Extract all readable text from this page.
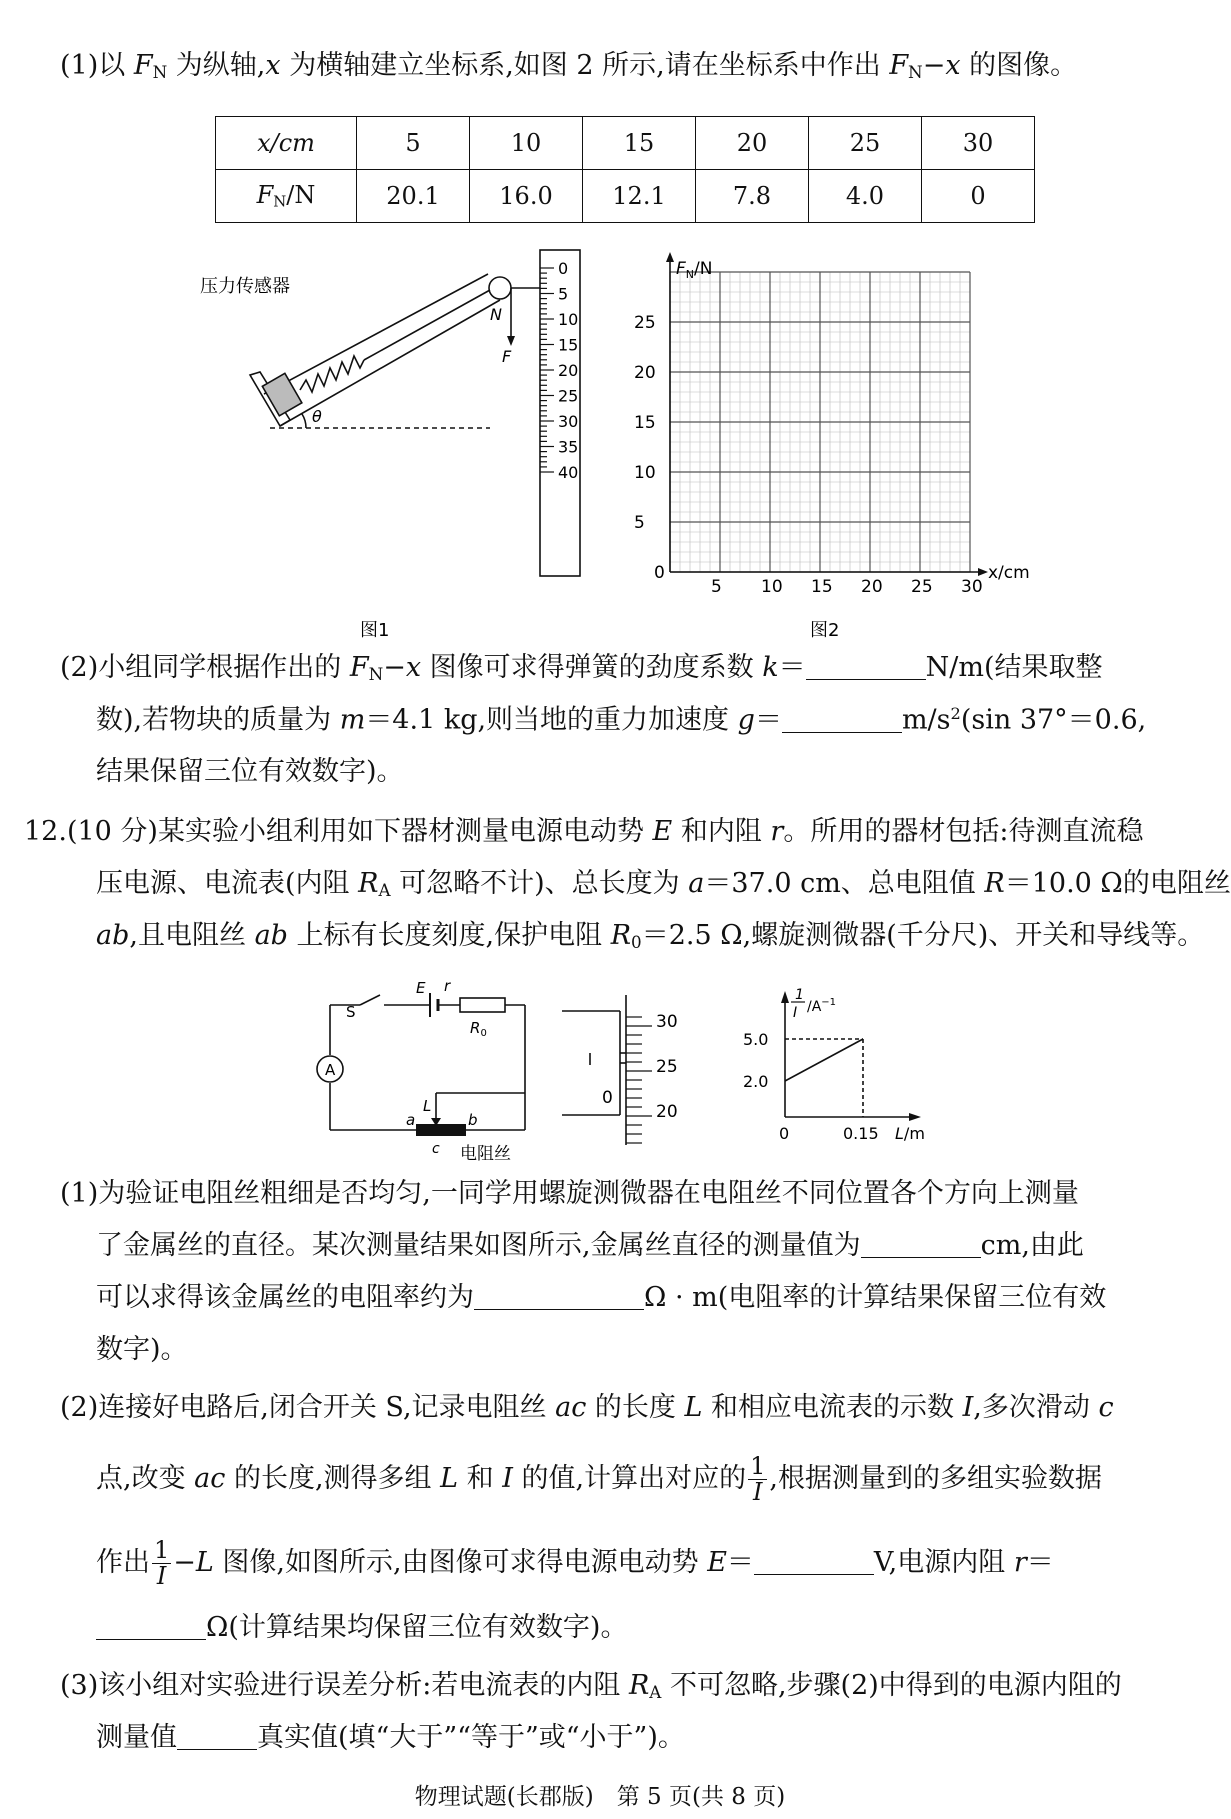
(1)以 $F_N$ 为纵轴,x 为横轴建立坐标系,如图 2 所示,请在坐标系中作出 $F_N-x$ 的图像。
x/cm	5	10	15	20	25	30
$F_N/N$	20.1	16.0	12.1	7.8	4.0	0
压力传感器
θ
N
F
0
5
10
15
20
25
30
35
40
图1
$F_N/N$
x/cm
0
5
10
15
20
25
5 10 15 20 25 30
图2
(2)小组同学根据作出的 $F_N-x$ 图像可求得弹簧的劲度系数 k＝	N/m(结果取整
数),若物块的质量为 m＝4.1 kg,则当地的重力加速度 g＝	$m/s^2(\sin$ 37°＝0.6,
结果保留三位有效数字)。
12.(10 分)某实验小组利用如下器材测量电源电动势 E 和内阻 r。所用的器材包括:待测直流稳
压电源、电流表(内阻 $R_A$ 可忽略不计)、总长度为 a＝37.0 cm、总电阻值 R＝10.0 Ω的电阻丝
ab,且电阻丝 ab 上标有长度刻度,保护电阻 $R_0=2.5$ Ω,螺旋测微器(千分尺)、开关和导线等。
S
E r
$R_0$
A
L
a	b
c 电阻丝
30
25
20
0
1
I $/A^{-1}$
5.0
2.0
0	0.15 L/m
(1)为验证电阻丝粗细是否均匀,一同学用螺旋测微器在电阻丝不同位置各个方向上测量
了金属丝的直径。某次测量结果如图所示,金属丝直径的测量值为	cm,由此
可以求得该金属丝的电阻率约为	Ω · m(电阻率的计算结果保留三位有效
数字)。
(2)连接好电路后,闭合开关 S,记录电阻丝 ac 的长度 L 和相应电流表的示数 I,多次滑动 c
点,改变 ac 的长度,测得多组 L 和 I 的值,计算出对应的 $\frac{1}{I}$ ,根据测量到的多组实验数据
作出 $\frac{1}{I} -L$ 图像,如图所示,由图像可求得电源电动势 E＝	V,电源内阻 r＝
Ω(计算结果均保留三位有效数字)。
(3)该小组对实验进行误差分析:若电流表的内阻 $R_A$ 不可忽略,步骤(2)中得到的电源内阻的
测量值	真实值(填“大于”“等于”或“小于”)。
物理试题(长郡版)　第 5 页(共 8 页)
